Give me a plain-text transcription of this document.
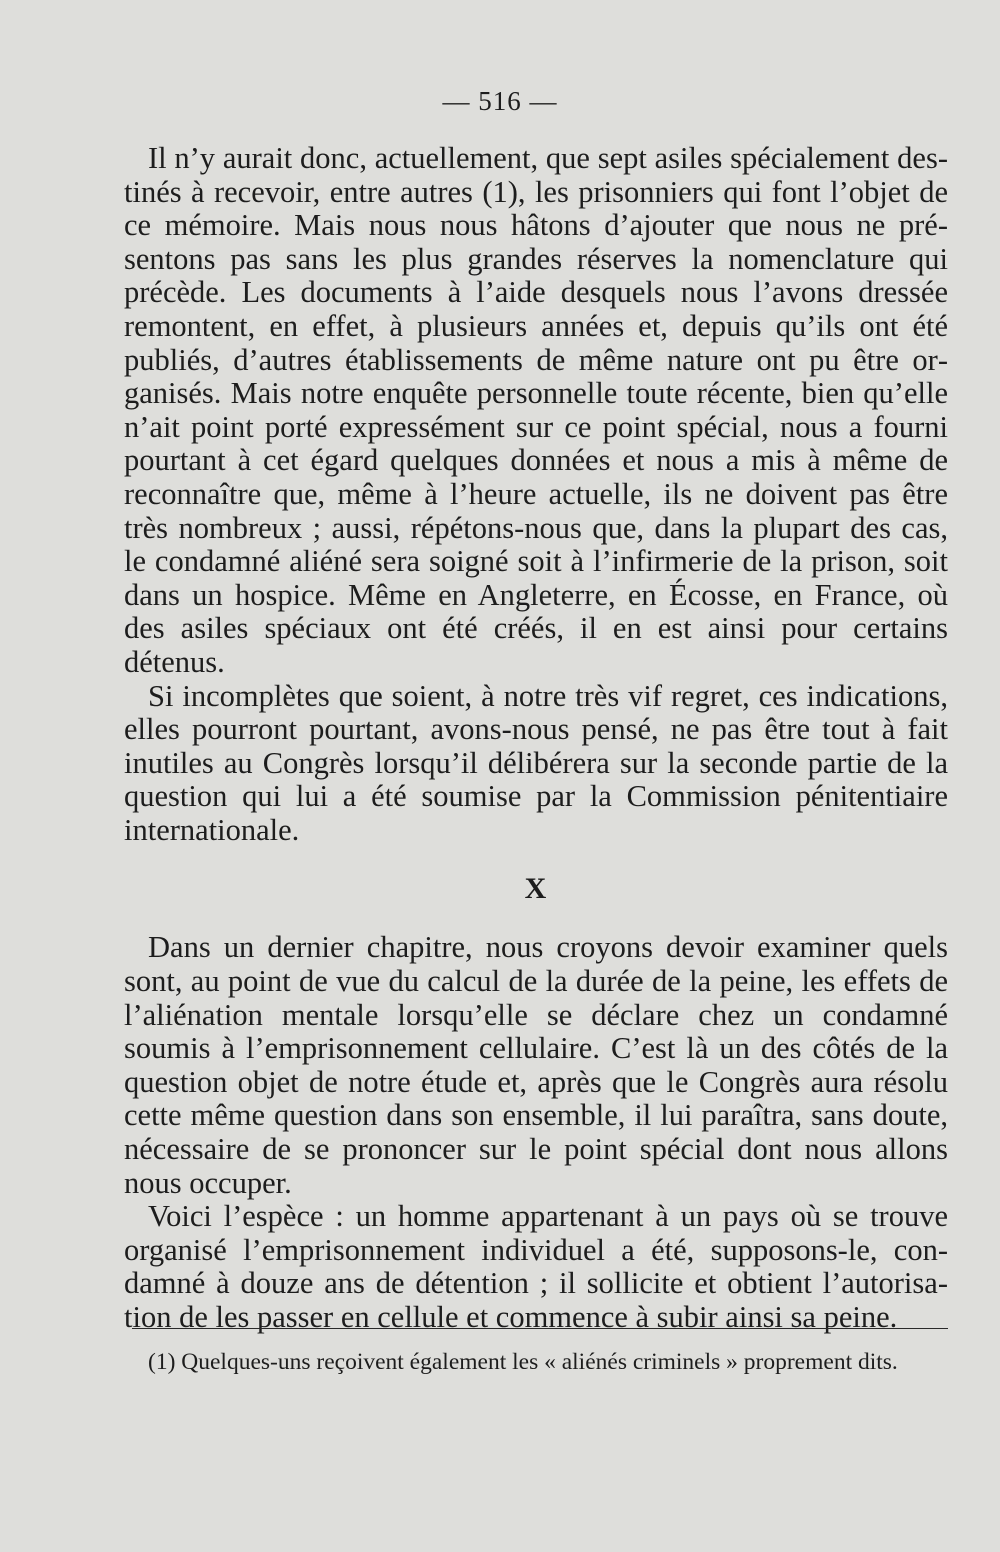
— 516 —

Il n’y aurait donc, actuellement, que sept asiles spécialement destinés à recevoir, entre autres (1), les prisonniers qui font l’objet de ce mémoire. Mais nous nous hâtons d’ajouter que nous ne présentons pas sans les plus grandes réserves la nomenclature qui précède. Les documents à l’aide desquels nous l’avons dressée remontent, en effet, à plusieurs années et, depuis qu’ils ont été publiés, d’autres établissements de même nature ont pu être organisés. Mais notre enquête personnelle toute récente, bien qu’elle n’ait point porté expressément sur ce point spécial, nous a fourni pourtant à cet égard quelques données et nous a mis à même de reconnaître que, même à l’heure actuelle, ils ne doivent pas être très nombreux ; aussi, répétons-nous que, dans la plupart des cas, le condamné aliéné sera soigné soit à l’infirmerie de la prison, soit dans un hospice. Même en Angleterre, en Écosse, en France, où des asiles spéciaux ont été créés, il en est ainsi pour certains détenus.

Si incomplètes que soient, à notre très vif regret, ces indications, elles pourront pourtant, avons-nous pensé, ne pas être tout à fait inutiles au Congrès lorsqu’il délibérera sur la seconde partie de la question qui lui a été soumise par la Commission pénitentiaire internationale.

X

Dans un dernier chapitre, nous croyons devoir examiner quels sont, au point de vue du calcul de la durée de la peine, les effets de l’aliénation mentale lorsqu’elle se déclare chez un condamné soumis à l’emprisonnement cellulaire. C’est là un des côtés de la question objet de notre étude et, après que le Congrès aura résolu cette même question dans son ensemble, il lui paraîtra, sans doute, nécessaire de se prononcer sur le point spécial dont nous allons nous occuper.

Voici l’espèce : un homme appartenant à un pays où se trouve organisé l’emprisonnement individuel a été, supposons-le, condamné à douze ans de détention ; il sollicite et obtient l’autorisation de les passer en cellule et commence à subir ainsi sa peine.

(1) Quelques-uns reçoivent également les « aliénés criminels » proprement dits.
